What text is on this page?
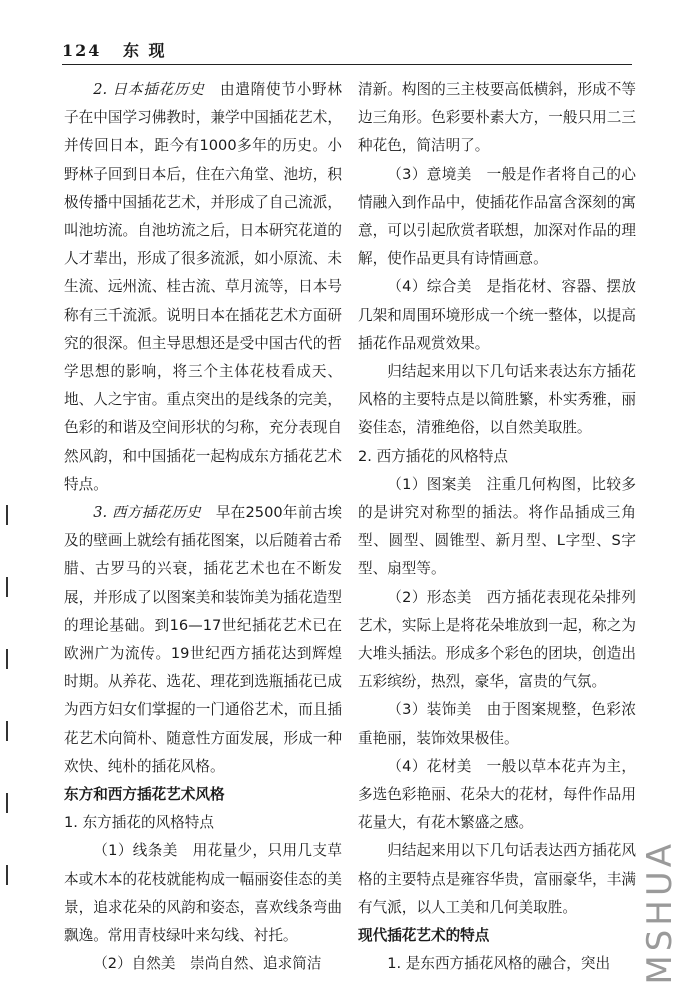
124 东 现

2. 日本插花历史　 由遣隋使节小野林子在中国学习佛教时，兼学中国插花艺术，并传回日本，距今有1000多年的历史。小野林子回到日本后，住在六角堂、池坊，积极传播中国插花艺术，并形成了自己流派，叫池坊流。自池坊流之后，日本研究花道的人才辈出，形成了很多流派，如小原流、未生流、远州流、桂古流、草月流等，日本号称有三千流派。说明日本在插花艺术方面研究的很深。但主导思想还是受中国古代的哲学思想的影响，将三个主体花枝看成天、地、人之宇宙。重点突出的是线条的完美，色彩的和谐及空间形状的匀称，充分表现自然风韵，和中国插花一起构成东方插花艺术特点。

3. 西方插花历史　 早在2500年前古埃及的壁画上就绘有插花图案，以后随着古希腊、古罗马的兴衰，插花艺术也在不断发展，并形成了以图案美和装饰美为插花造型的理论基础。到16—17世纪插花艺术已在欧洲广为流传。19世纪西方插花达到辉煌时期。从养花、选花、理花到选瓶插花已成为西方妇女们掌握的一门通俗艺术，而且插花艺术向简朴、随意性方面发展，形成一种欢快、纯朴的插花风格。

东方和西方插花艺术风格

1. 东方插花的风格特点

（1）线条美　 用花量少，只用几支草本或木本的花枝就能构成一幅丽姿佳态的美景，追求花朵的风韵和姿态，喜欢线条弯曲飘逸。常用青枝绿叶来勾线、衬托。

（2）自然美　 崇尚自然、追求简洁

清新。构图的三主枝要高低横斜，形成不等边三角形。色彩要朴素大方，一般只用二三种花色，简洁明了。

（3）意境美　 一般是作者将自己的心情融入到作品中，使插花作品富含深刻的寓意，可以引起欣赏者联想，加深对作品的理解，使作品更具有诗情画意。

（4）综合美　 是指花材、容器、摆放几架和周围环境形成一个统一整体，以提高插花作品观赏效果。

归结起来用以下几句话来表达东方插花风格的主要特点是以简胜繁，朴实秀雅，丽姿佳态，清雅绝俗，以自然美取胜。

2. 西方插花的风格特点

（1）图案美　 注重几何构图，比较多的是讲究对称型的插法。将作品插成三角型、圆型、圆锥型、新月型、L字型、S字型、扇型等。

（2）形态美　 西方插花表现花朵排列艺术，实际上是将花朵堆放到一起，称之为大堆头插法。形成多个彩色的团块，创造出五彩缤纷，热烈，豪华，富贵的气氛。

（3）装饰美　 由于图案规整，色彩浓重艳丽，装饰效果极佳。

（4）花材美　 一般以草本花卉为主，多选色彩艳丽、花朵大的花材，每件作品用花量大，有花木繁盛之感。

归结起来用以下几句话表达西方插花风格的主要特点是雍容华贵，富丽豪华，丰满有气派，以人工美和几何美取胜。

现代插花艺术的特点

1. 是东西方插花风格的融合，突出 MSHUA
